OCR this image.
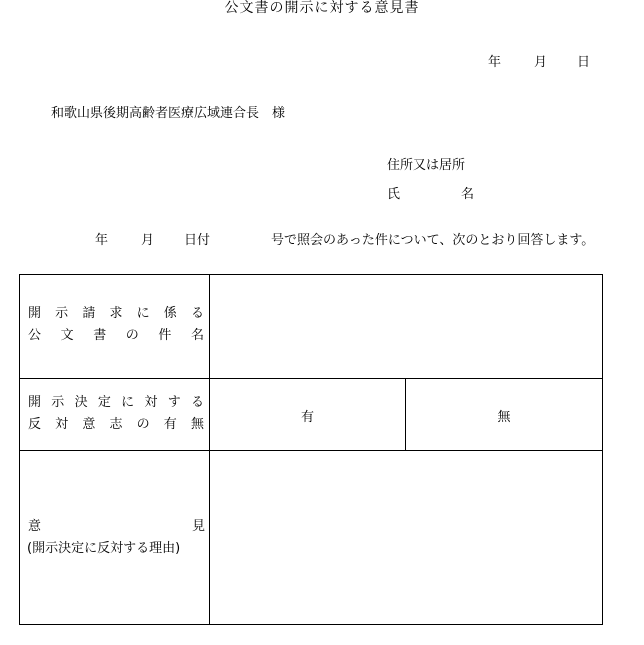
公文書の開示に対する意見書
年	月 日
和歌山県後期高齢者医療広域連合長　様
住所又は居所
氏	名
年	月 日付	号で照会のあった件について、次のとおり回答します。
開 示 請 求 に 係 る
公 文 書 の 件 名
開 示 決 定 に 対 す る
反 対 意 志 の 有 無	有	無
意	見
(開示決定に反対する理由)
